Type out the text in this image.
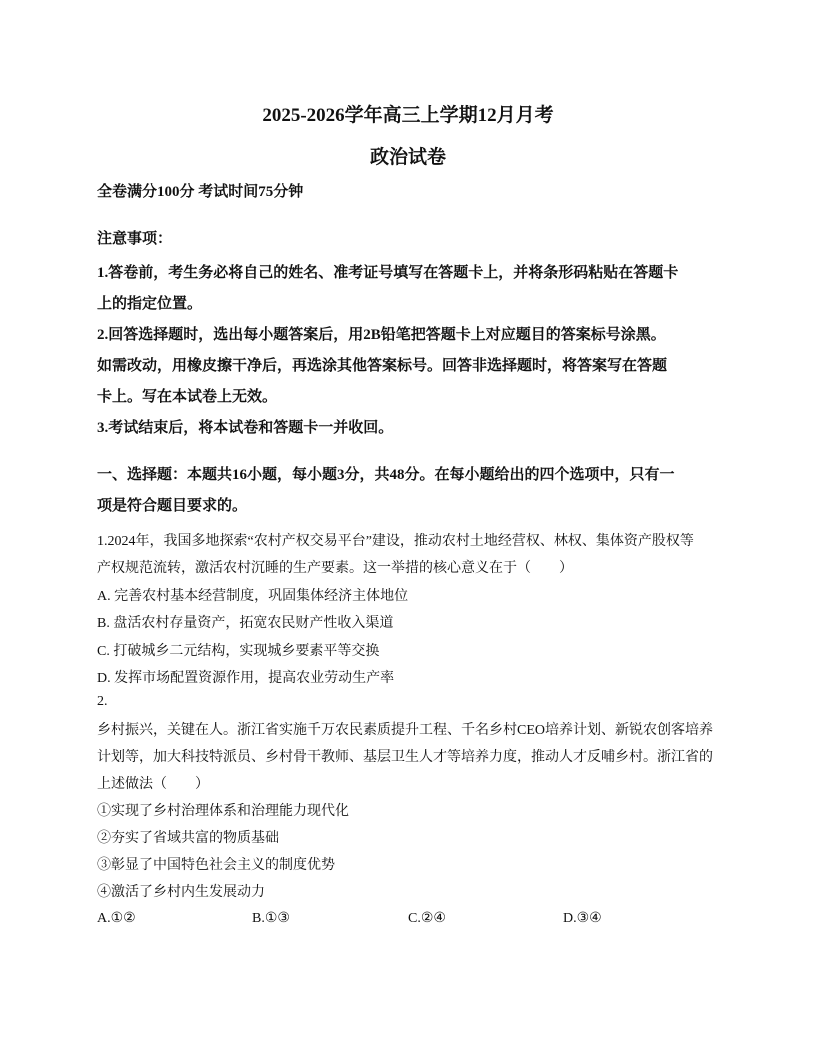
2025-2026学年高三上学期12月月考
政治试卷
全卷满分100分 考试时间75分钟
注意事项：
1.答卷前，考生务必将自己的姓名、准考证号填写在答题卡上，并将条形码粘贴在答题卡
上的指定位置。
2.回答选择题时，选出每小题答案后，用2B铅笔把答题卡上对应题目的答案标号涂黑。
如需改动，用橡皮擦干净后，再选涂其他答案标号。回答非选择题时，将答案写在答题
卡上。写在本试卷上无效。
3.考试结束后，将本试卷和答题卡一并收回。
一、选择题：本题共16小题，每小题3分，共48分。在每小题给出的四个选项中，只有一
项是符合题目要求的。
1.2024年，我国多地探索“农村产权交易平台”建设，推动农村土地经营权、林权、集体资产股权等
产权规范流转，激活农村沉睡的生产要素。这一举措的核心意义在于（　　）
A. 完善农村基本经营制度，巩固集体经济主体地位
B. 盘活农村存量资产，拓宽农民财产性收入渠道
C. 打破城乡二元结构，实现城乡要素平等交换
D. 发挥市场配置资源作用，提高农业劳动生产率
2.
乡村振兴，关键在人。浙江省实施千万农民素质提升工程、千名乡村CEO培养计划、新锐农创客培养
计划等，加大科技特派员、乡村骨干教师、基层卫生人才等培养力度，推动人才反哺乡村。浙江省的
上述做法（　　）
①实现了乡村治理体系和治理能力现代化
②夯实了省域共富的物质基础
③彰显了中国特色社会主义的制度优势
④激活了乡村内生发展动力
A.①②	B.①③	C.②④	D.③④
